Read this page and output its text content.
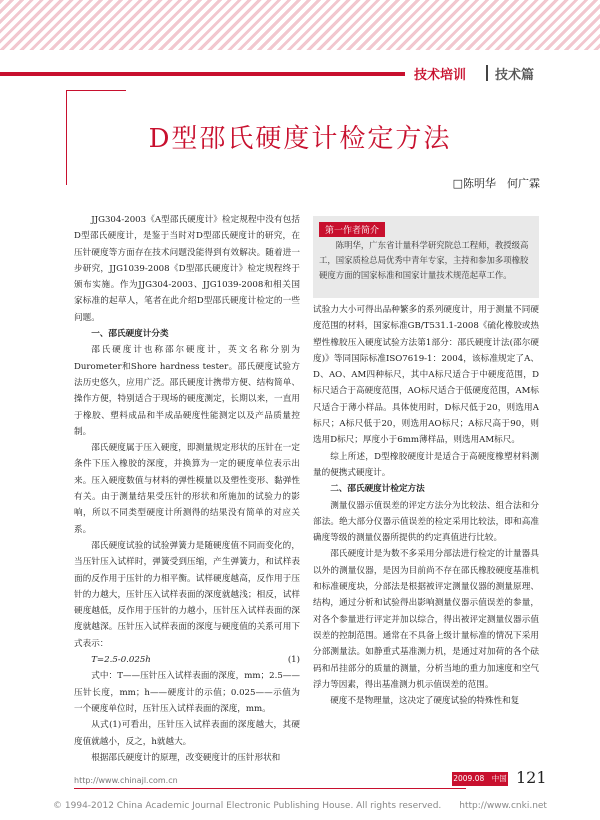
技术培训 技术篇
D型邵氏硬度计检定方法
□陈明华　何广霖

JJG304-2003《A型邵氏硬度计》检定规程中没有包括D型邵氏硬度计，是鉴于当时对D型邵氏硬度计的研究，在压针硬度等方面存在技术问题没能得到有效解决。随着进一步研究，JJG1039-2008《D型邵氏硬度计》检定规程终于颁布实施。作为JJG304-2003、JJG1039-2008和相关国家标准的起草人，笔者在此介绍D型邵氏硬度计检定的一些问题。

一、邵氏硬度计分类

邵氏硬度计也称邵尔硬度计，英文名称分别为Durometer和Shore hardness tester。邵氏硬度试验方法历史悠久，应用广泛。邵氏硬度计携带方便、结构简单、操作方便，特别适合于现场的硬度测定，长期以来，一直用于橡胶、塑料成品和半成品硬度性能测定以及产品质量控制。

邵氏硬度属于压入硬度，即测量规定形状的压针在一定条件下压入橡胶的深度，并换算为一定的硬度单位表示出来。压入硬度数值与材料的弹性模量以及塑性变形、黏弹性有关。由于测量结果受压针的形状和所施加的试验力的影响，所以不同类型硬度计所测得的结果没有简单的对应关系。

邵氏硬度试验的试验弹簧力是随硬度值不同而变化的，当压针压入试样时，弹簧受到压缩，产生弹簧力，和试样表面的反作用于压针的力相平衡。试样硬度越高，反作用于压针的力越大，压针压入试样表面的深度就越浅；相反，试样硬度越低，反作用于压针的力越小，压针压入试样表面的深度就越深。压针压入试样表面的深度与硬度值的关系可用下式表示：

T=2.5-0.025h	(1)

式中：T——压针压入试样表面的深度，mm；2.5——压针长度，mm；h——硬度计的示值；0.025——示值为一个硬度单位时，压针压入试样表面的深度，mm。

从式(1)可看出，压针压入试样表面的深度越大，其硬度值就越小，反之，h就越大。

根据邵氏硬度计的原理，改变硬度计的压针形状和

第一作者简介
陈明华，广东省计量科学研究院总工程师，教授级高工，国家质检总局优秀中青年专家，主持和参加多项橡胶硬度方面的国家标准和国家计量技术规范起草工作。

试验力大小可得出品种繁多的系列硬度计，用于测量不同硬度范围的材料，国家标准GB/T531.1-2008《硫化橡胶或热塑性橡胶压入硬度试验方法第1部分：邵氏硬度计法(邵尔硬度)》等同国际标准ISO7619-1：2004，该标准规定了A、D、AO、AM四种标尺，其中A标尺适合于中硬度范围，D标尺适合于高硬度范围，AO标尺适合于低硬度范围，AM标尺适合于薄小样品。具体使用时，D标尺低于20，则选用A标尺；A标尺低于20，则选用AO标尺；A标尺高于90，则选用D标尺；厚度小于6mm薄样品，则选用AM标尺。

综上所述，D型橡胶硬度计是适合于高硬度橡塑材料测量的便携式硬度计。

二、邵氏硬度计检定方法

测量仪器示值误差的评定方法分为比较法、组合法和分部法。绝大部分仪器示值误差的检定采用比较法，即和高准确度等级的测量仪器所提供的约定真值进行比较。

邵氏硬度计是为数不多采用分部法进行检定的计量器具以外的测量仪器，是因为目前尚不存在邵氏橡胶硬度基准机和标准硬度块，分部法是根据被评定测量仪器的测量原理、结构，通过分析和试验得出影响测量仪器示值误差的参量，对各个参量进行评定并加以综合，得出被评定测量仪器示值误差的控制范围。通常在不具备上级计量标准的情况下采用分部测量法。如静重式基准测力机，是通过对加荷的各个砝码和吊挂部分的质量的测量，分析当地的重力加速度和空气浮力等因素，得出基准测力机示值误差的范围。

硬度不是物理量，这决定了硬度试验的特殊性和复

http://www.chinajl.com.cn	2009.08　中国计量
121
© 1994-2012 China Academic Journal Electronic Publishing House. All rights reserved.　　http://www.cnki.net
